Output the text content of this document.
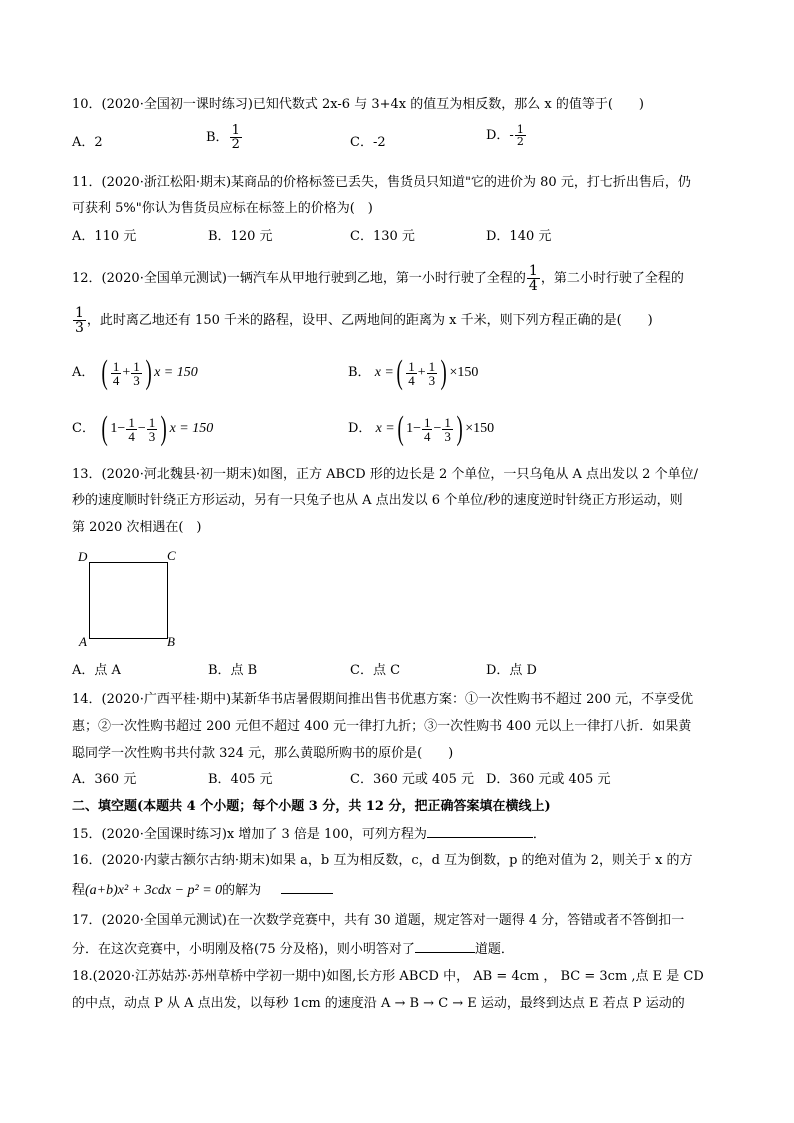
10．(2020·全国初一课时练习)已知代数式 2x-6 与 3+4x 的值互为相反数，那么 x 的值等于(　　)
A．2	B． $\frac{1}{2}$	C．-2	D．- $\frac{1}{2}$
11．(2020·浙江松阳·期末)某商品的价格标签已丢失，售货员只知道"它的进价为 80 元，打七折出售后，仍
可获利 5%"你认为售货员应标在标签上的价格为(　)
A．110 元	B．120 元	C．130 元	D．140 元
12．(2020·全国单元测试)一辆汽车从甲地行驶到乙地，第一小时行驶了全程的 $\frac{1}{4}$ ，第二小时行驶了全程的
$\frac{1}{3}$ ，此时离乙地还有 150 千米的路程，设甲、乙两地间的距离为 x 千米，则下列方程正确的是(　　)
A． ( $\frac{1}{4} + \frac{1}{3}$ ) x = 150	B． x =( $\frac{1}{4} + \frac{1}{3}$ ) ×150
C． ( $1- \frac{1}{4} - \frac{1}{3}$ ) x = 150	D． x =( $1- \frac{1}{4} - \frac{1}{3}$ ) ×150
13．(2020·河北魏县·初一期末)如图，正方 ABCD 形的边长是 2 个单位，一只乌龟从 A 点出发以 2 个单位/
秒的速度顺时针绕正方形运动，另有一只兔子也从 A 点出发以 6 个单位/秒的速度逆时针绕正方形运动，则
第 2020 次相遇在(　)
D	C
A	B
A．点 A	B．点 B	C．点 C	D．点 D
14．(2020·广西平桂·期中)某新华书店暑假期间推出售书优惠方案：①一次性购书不超过 200 元，不享受优
惠；②一次性购书超过 200 元但不超过 400 元一律打九折；③一次性购书 400 元以上一律打八折．如果黄
聪同学一次性购书共付款 324 元，那么黄聪所购书的原价是(　　)
A．360 元	B．405 元	C．360 元或 405 元 D．360 元或 405 元
二、填空题(本题共 4 个小题；每个小题 3 分，共 12 分，把正确答案填在横线上)
15．(2020·全国课时练习)x 增加了 3 倍是 100，可列方程为	．
16．(2020·内蒙古额尔古纳·期末)如果 a，b 互为相反数，c，d 互为倒数，p 的绝对值为 2，则关于 x 的方
程(a+b)x² + 3cdx − p² = 0的解为
17．(2020·全国单元测试)在一次数学竞赛中，共有 30 道题，规定答对一题得 4 分，答错或者不答倒扣一
分．在这次竞赛中，小明刚及格(75 分及格)，则小明答对了	道题．
18.(2020·江苏姑苏·苏州草桥中学初一期中)如图,长方形 ABCD 中， AB = 4cm ， BC = 3cm ,点 E 是 CD
的中点，动点 P 从 A 点出发，以每秒 1cm 的速度沿 A → B → C → E 运动，最终到达点 E 若点 P 运动的
